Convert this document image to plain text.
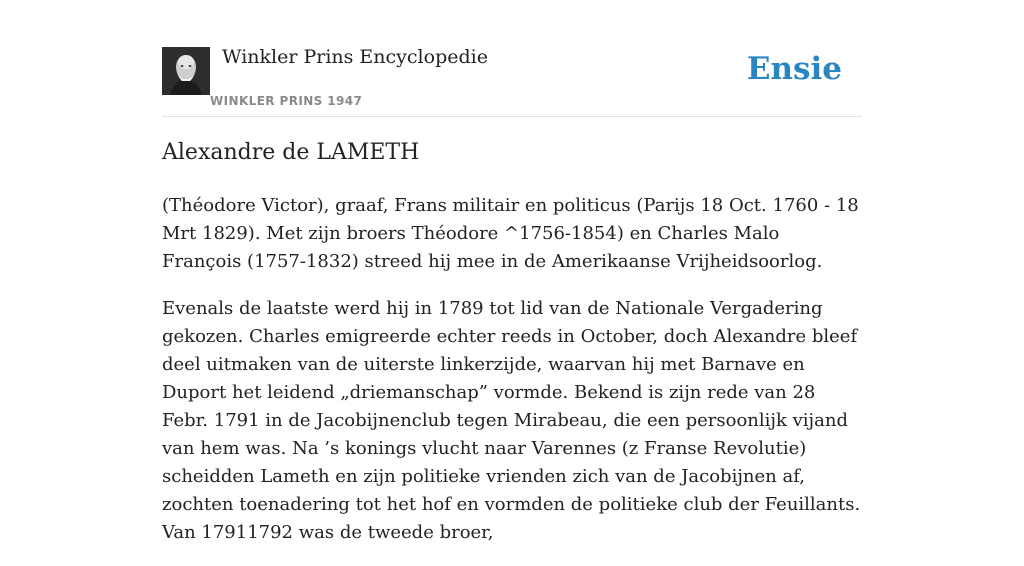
Winkler Prins Encyclopedie
WINKLER PRINS 1947
Ensie
Alexandre de LAMETH

(Théodore Victor), graaf, Frans militair en politicus (Parijs 18 Oct. 1760 - 18 Mrt 1829). Met zijn broers Théodore ^1756-1854) en Charles Malo François (1757-1832) streed hij mee in de Amerikaanse Vrijheidsoorlog.

Evenals de laatste werd hij in 1789 tot lid van de Nationale Vergadering gekozen. Charles emigreerde echter reeds in October, doch Alexandre bleef deel uitmaken van de uiterste linkerzijde, waarvan hij met Barnave en Duport het leidend „driemanschap” vormde. Bekend is zijn rede van 28 Febr. 1791 in de Jacobijnenclub tegen Mirabeau, die een persoonlijk vijand van hem was. Na ’s konings vlucht naar Varennes (z Franse Revolutie) scheidden Lameth en zijn politieke vrienden zich van de Jacobijnen af, zochten toenadering tot het hof en vormden de politieke club der Feuillants. Van 17911792 was de tweede broer,
